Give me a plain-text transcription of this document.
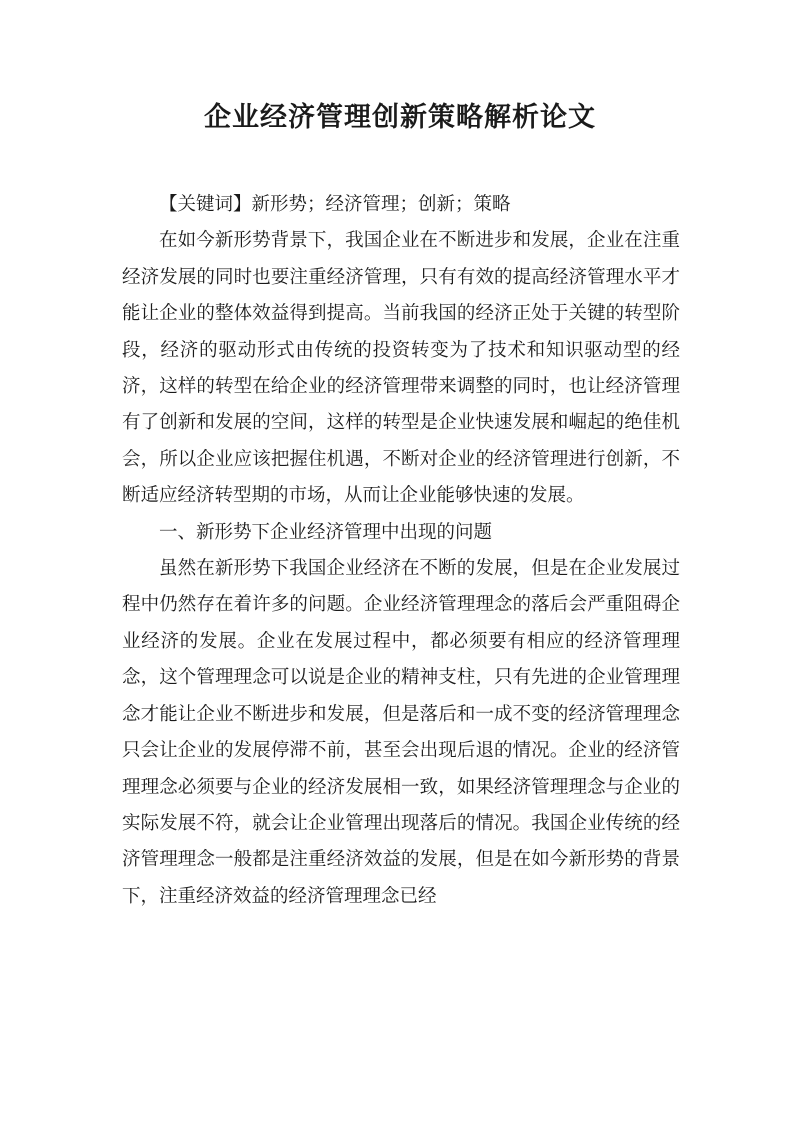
企业经济管理创新策略解析论文

【关键词】新形势；经济管理；创新；策略

在如今新形势背景下，我国企业在不断进步和发展，企业在注重经济发展的同时也要注重经济管理，只有有效的提高经济管理水平才能让企业的整体效益得到提高。当前我国的经济正处于关键的转型阶段，经济的驱动形式由传统的投资转变为了技术和知识驱动型的经济，这样的转型在给企业的经济管理带来调整的同时，也让经济管理有了创新和发展的空间，这样的转型是企业快速发展和崛起的绝佳机会，所以企业应该把握住机遇，不断对企业的经济管理进行创新，不断适应经济转型期的市场，从而让企业能够快速的发展。

一、新形势下企业经济管理中出现的问题

虽然在新形势下我国企业经济在不断的发展，但是在企业发展过程中仍然存在着许多的问题。企业经济管理理念的落后会严重阻碍企业经济的发展。企业在发展过程中，都必须要有相应的经济管理理念，这个管理理念可以说是企业的精神支柱，只有先进的企业管理理念才能让企业不断进步和发展，但是落后和一成不变的经济管理理念只会让企业的发展停滞不前，甚至会出现后退的情况。企业的经济管理理念必须要与企业的经济发展相一致，如果经济管理理念与企业的实际发展不符，就会让企业管理出现落后的情况。我国企业传统的经济管理理念一般都是注重经济效益的发展，但是在如今新形势的背景下，注重经济效益的经济管理理念已经
